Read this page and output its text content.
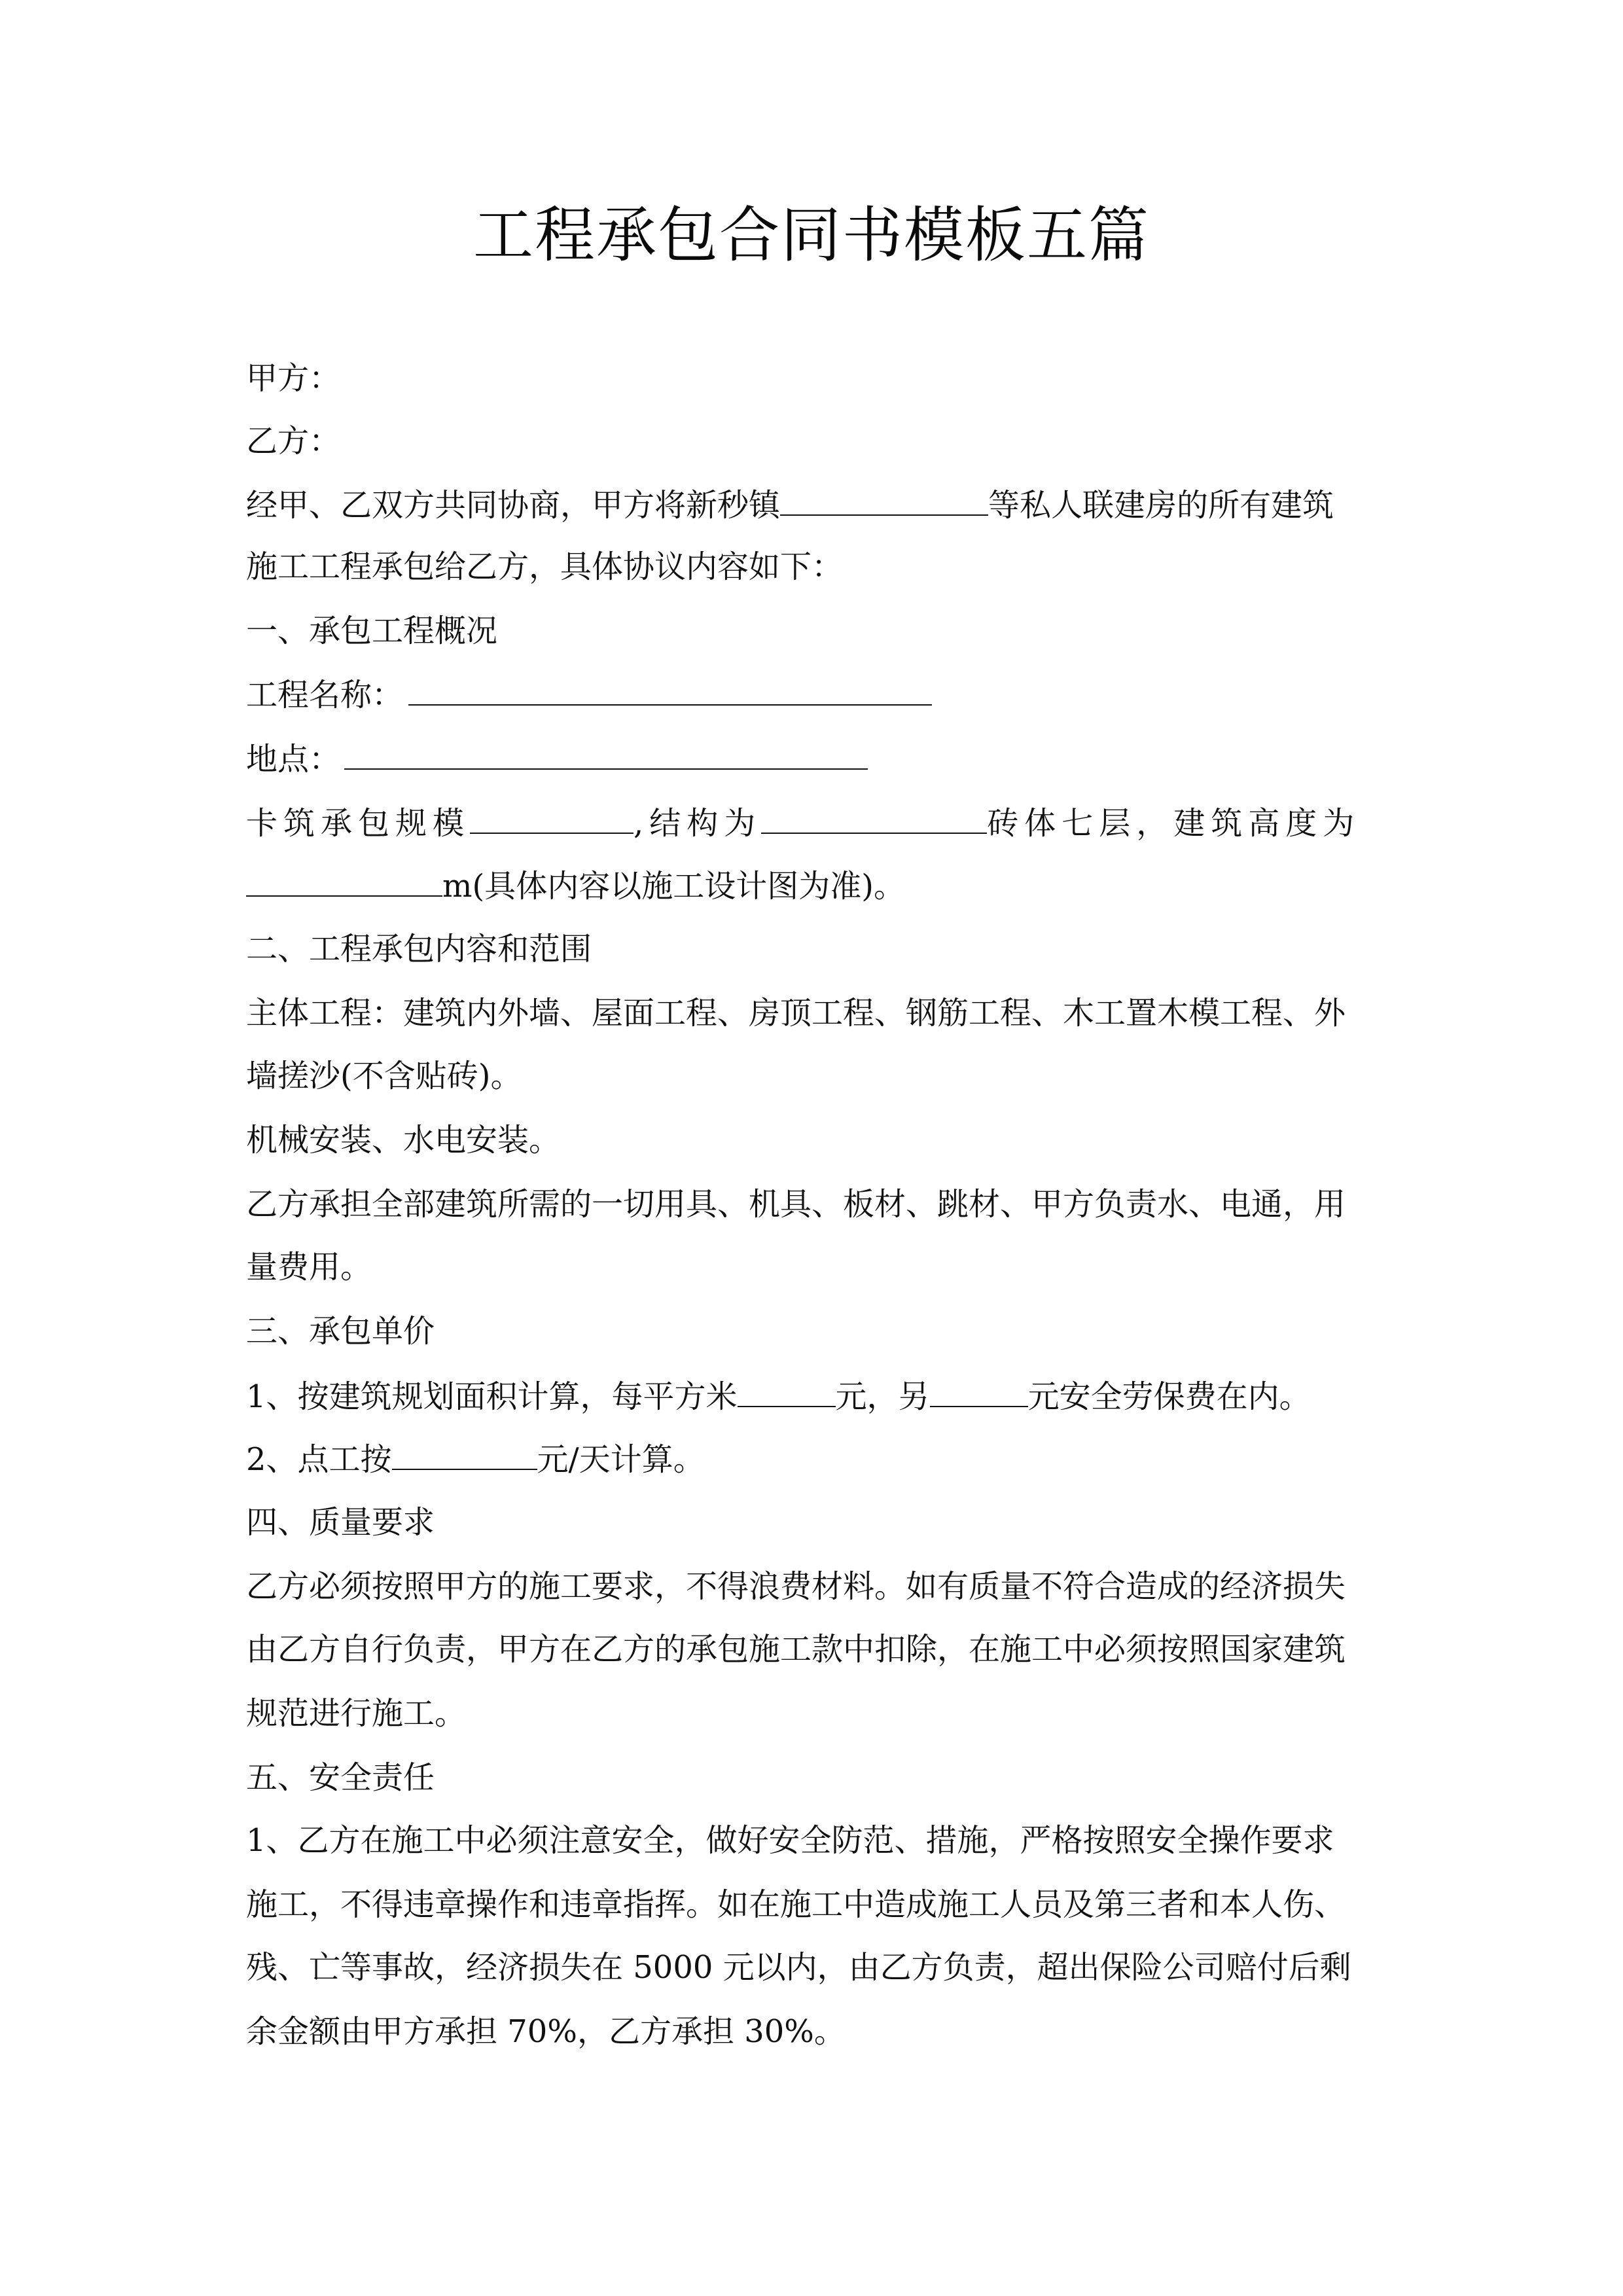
工程承包合同书模板五篇
甲方：
乙方：
经甲、乙双方共同协商，甲方将新秒镇	等私人联建房的所有建筑
施工工程承包给乙方，具体协议内容如下：
一、承包工程概况
工程名称：
地点：
卡筑承包规模	,结构为	砖体七层，建筑高度为
m(具体内容以施工设计图为准)。
二、工程承包内容和范围
主体工程：建筑内外墙、屋面工程、房顶工程、钢筋工程、木工置木模工程、外
墙搓沙(不含贴砖)。
机械安装、水电安装。
乙方承担全部建筑所需的一切用具、机具、板材、跳材、甲方负责水、电通，用
量费用。
三、承包单价
1、按建筑规划面积计算，每平方米	元，另	元安全劳保费在内。
2、点工按	元/天计算。
四、质量要求
乙方必须按照甲方的施工要求，不得浪费材料。如有质量不符合造成的经济损失
由乙方自行负责，甲方在乙方的承包施工款中扣除，在施工中必须按照国家建筑
规范进行施工。
五、安全责任
1、乙方在施工中必须注意安全，做好安全防范、措施，严格按照安全操作要求
施工，不得违章操作和违章指挥。如在施工中造成施工人员及第三者和本人伤、
残、亡等事故，经济损失在 5000 元以内，由乙方负责，超出保险公司赔付后剩
余金额由甲方承担 70%，乙方承担 30%。
